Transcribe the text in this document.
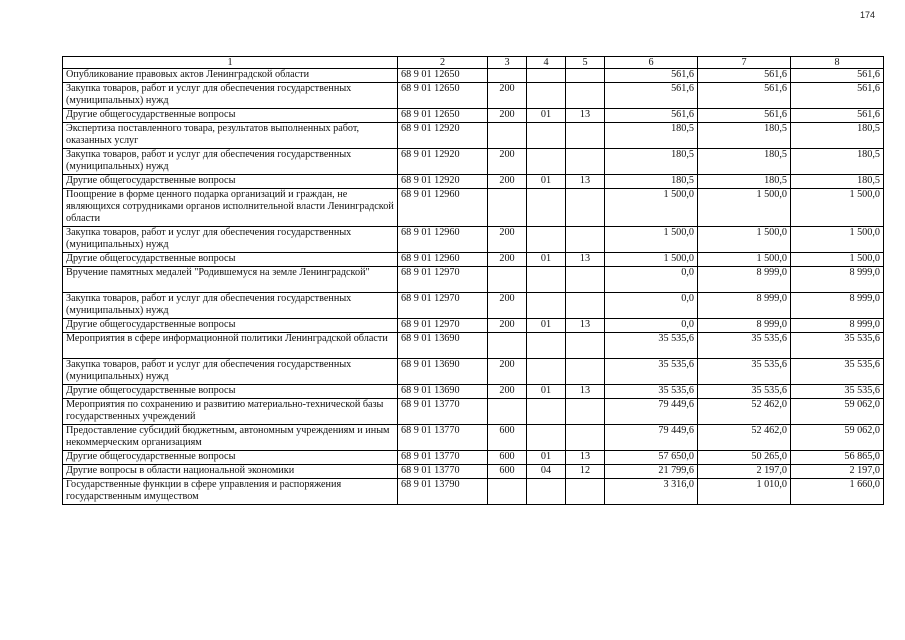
174
1	2	3	4	5	6	7	8
Опубликование правовых актов Ленинградской области	68 9 01 12650				561,6	561,6	561,6
Закупка товаров, работ и услуг для обеспечения государственных (муниципальных) нужд	68 9 01 12650	200			561,6	561,6	561,6
Другие общегосударственные вопросы	68 9 01 12650	200	01	13	561,6	561,6	561,6
Экспертиза поставленного товара, результатов выполненных работ, оказанных услуг	68 9 01 12920				180,5	180,5	180,5
Закупка товаров, работ и услуг для обеспечения государственных (муниципальных) нужд	68 9 01 12920	200			180,5	180,5	180,5
Другие общегосударственные вопросы	68 9 01 12920	200	01	13	180,5	180,5	180,5
Поощрение в форме ценного подарка организаций и граждан, не являющихся сотрудниками органов исполнительной власти Ленинградской области	68 9 01 12960				1 500,0	1 500,0	1 500,0
Закупка товаров, работ и услуг для обеспечения государственных (муниципальных) нужд	68 9 01 12960	200			1 500,0	1 500,0	1 500,0
Другие общегосударственные вопросы	68 9 01 12960	200	01	13	1 500,0	1 500,0	1 500,0
Вручение памятных медалей "Родившемуся на земле Ленинградской"	68 9 01 12970				0,0	8 999,0	8 999,0
Закупка товаров, работ и услуг для обеспечения государственных (муниципальных) нужд	68 9 01 12970	200			0,0	8 999,0	8 999,0
Другие общегосударственные вопросы	68 9 01 12970	200	01	13	0,0	8 999,0	8 999,0
Мероприятия в сфере информационной политики Ленинградской области	68 9 01 13690				35 535,6	35 535,6	35 535,6
Закупка товаров, работ и услуг для обеспечения государственных (муниципальных) нужд	68 9 01 13690	200			35 535,6	35 535,6	35 535,6
Другие общегосударственные вопросы	68 9 01 13690	200	01	13	35 535,6	35 535,6	35 535,6
Мероприятия по сохранению и развитию материально-технической базы государственных учреждений	68 9 01 13770				79 449,6	52 462,0	59 062,0
Предоставление субсидий бюджетным, автономным учреждениям и иным некоммерческим организациям	68 9 01 13770	600			79 449,6	52 462,0	59 062,0
Другие общегосударственные вопросы	68 9 01 13770	600	01	13	57 650,0	50 265,0	56 865,0
Другие вопросы в области национальной экономики	68 9 01 13770	600	04	12	21 799,6	2 197,0	2 197,0
Государственные функции в сфере управления и распоряжения государственным имуществом	68 9 01 13790				3 316,0	1 010,0	1 660,0
